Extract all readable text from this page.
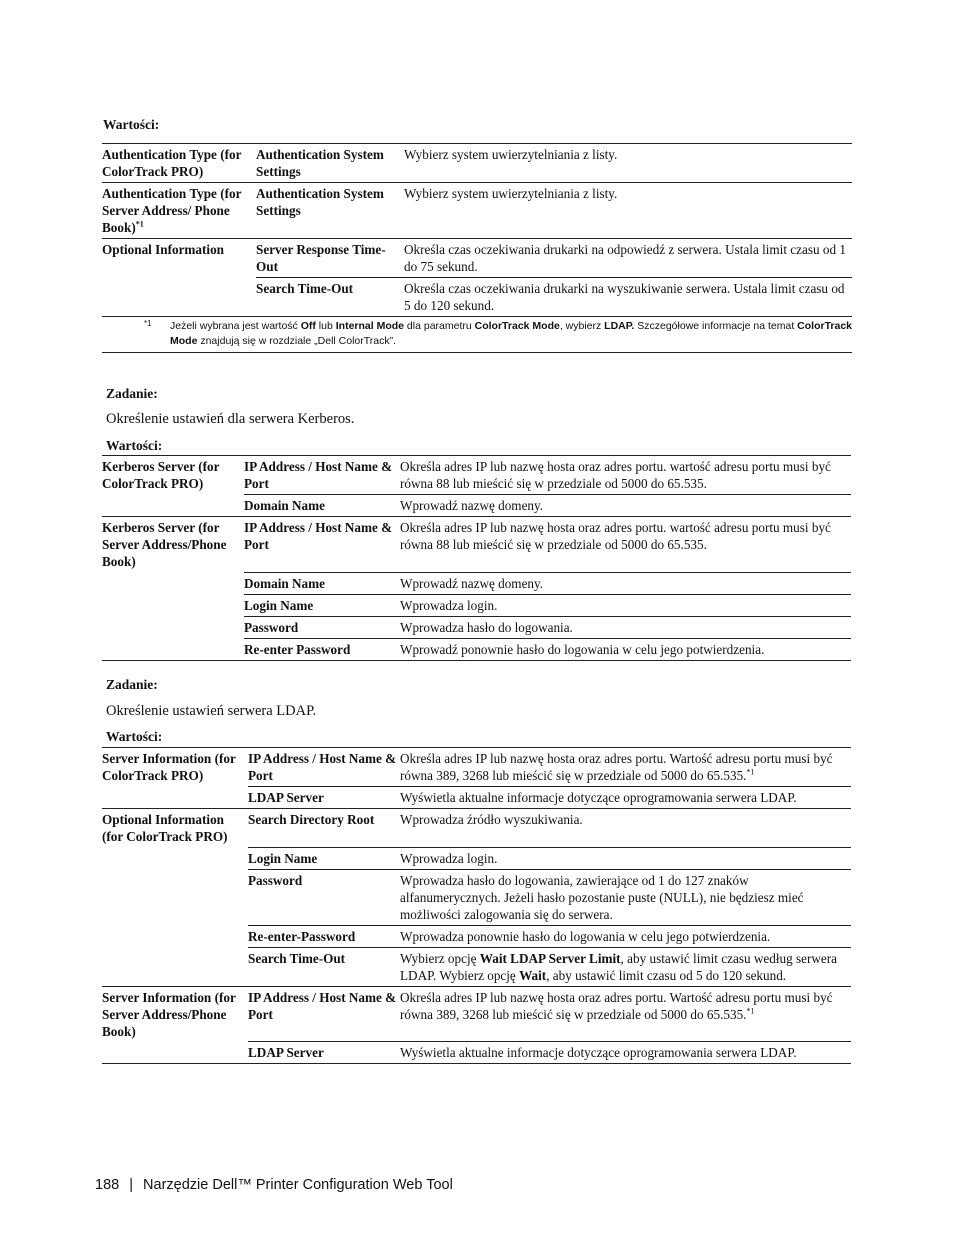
Wartości:
Authentication Type (for ColorTrack PRO)	Authentication System Settings	Wybierz system uwierzytelniania z listy.
Authentication Type (for Server Address/ Phone Book)$^{*1}$	Authentication System Settings	Wybierz system uwierzytelniania z listy.
Optional Information	Server Response Time-Out	Określa czas oczekiwania drukarki na odpowiedź z serwera. Ustala limit czasu od 1 do 75 sekund.
	Search Time-Out	Określa czas oczekiwania drukarki na wyszukiwanie serwera. Ustala limit czasu od 5 do 120 sekund.

*1 Jeżeli wybrana jest wartość Off lub Internal Mode dla parametru ColorTrack Mode, wybierz LDAP. Szczegółowe informacje na temat ColorTrack Mode znajdują się w rozdziale „Dell ColorTrack”.		
Zadanie:
Określenie ustawień dla serwera Kerberos.
Wartości:
Kerberos Server (for ColorTrack PRO)	IP Address / Host Name & Port	Określa adres IP lub nazwę hosta oraz adres portu. wartość adresu portu musi być równa 88 lub mieścić się w przedziale od 5000 do 65.535.
	Domain Name	Wprowadź nazwę domeny.
Kerberos Server (for Server Address/Phone Book)	IP Address / Host Name & Port	Określa adres IP lub nazwę hosta oraz adres portu. wartość adresu portu musi być równa 88 lub mieścić się w przedziale od 5000 do 65.535.
	Domain Name	Wprowadź nazwę domeny.
	Login Name	Wprowadza login.
	Password	Wprowadza hasło do logowania.
	Re-enter Password	Wprowadź ponownie hasło do logowania w celu jego potwierdzenia.
Zadanie:
Określenie ustawień serwera LDAP.
Wartości:
Server Information (for ColorTrack PRO)	IP Address / Host Name & Port	Określa adres IP lub nazwę hosta oraz adres portu. Wartość adresu portu musi być równa 389, 3268 lub mieścić się w przedziale od 5000 do 65.535.$^{*1}$
	LDAP Server	Wyświetla aktualne informacje dotyczące oprogramowania serwera LDAP.
Optional Information (for ColorTrack PRO)	Search Directory Root	Wprowadza źródło wyszukiwania.
	Login Name	Wprowadza login.
	Password	Wprowadza hasło do logowania, zawierające od 1 do 127 znaków alfanumerycznych. Jeżeli hasło pozostanie puste (NULL), nie będziesz mieć możliwości zalogowania się do serwera.
	Re-enter-Password	Wprowadza ponownie hasło do logowania w celu jego potwierdzenia.
	Search Time-Out	Wybierz opcję Wait LDAP Server Limit, aby ustawić limit czasu według serwera LDAP. Wybierz opcję Wait, aby ustawić limit czasu od 5 do 120 sekund.
Server Information (for Server Address/Phone Book)	IP Address / Host Name & Port	Określa adres IP lub nazwę hosta oraz adres portu. Wartość adresu portu musi być równa 389, 3268 lub mieścić się w przedziale od 5000 do 65.535.$^{*1}$
	LDAP Server	Wyświetla aktualne informacje dotyczące oprogramowania serwera LDAP.
188 | Narzędzie Dell™ Printer Configuration Web Tool
